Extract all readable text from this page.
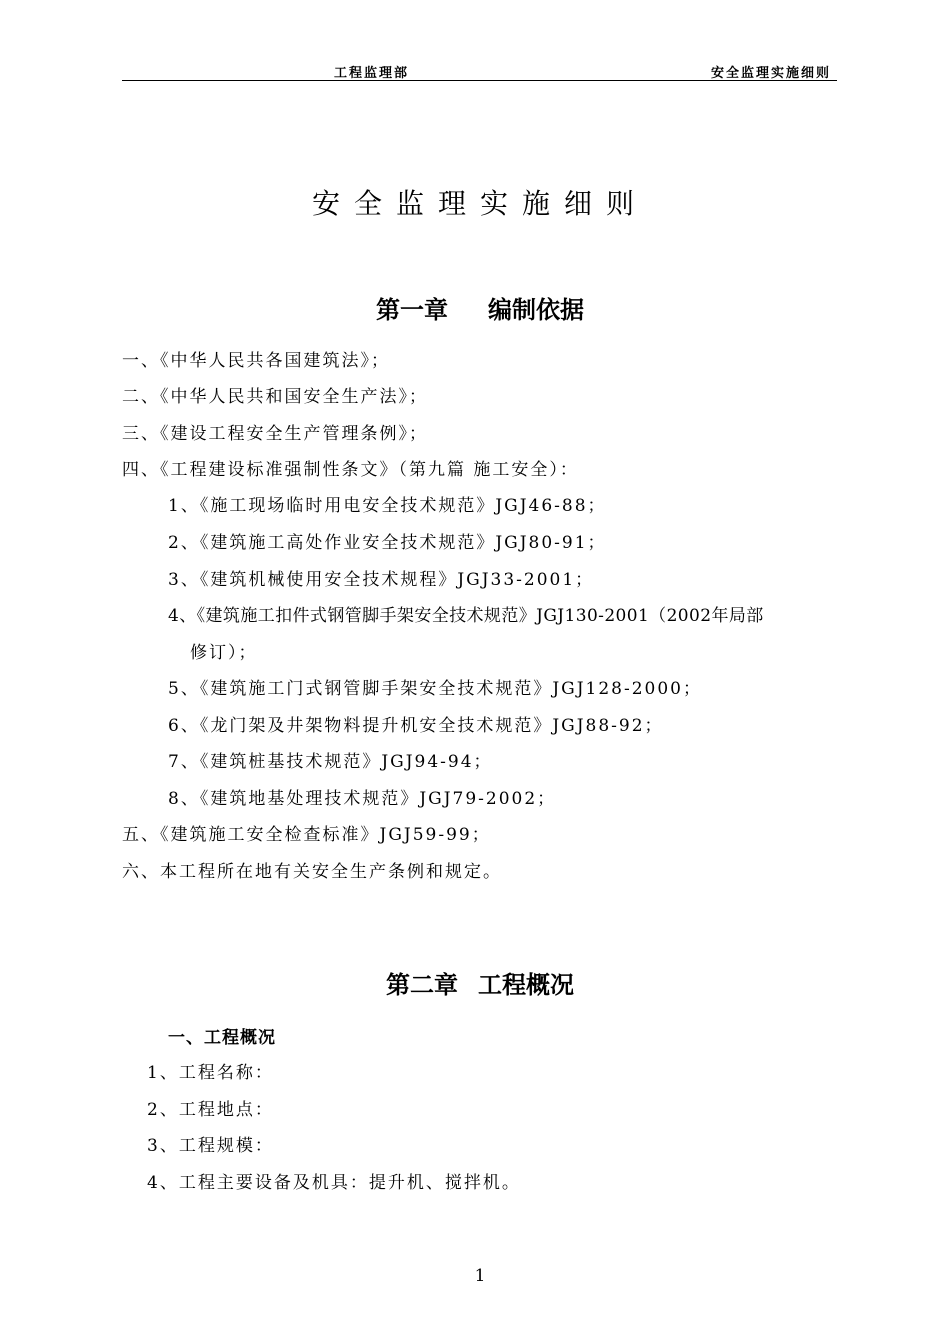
工程监理部	安全监理实施细则
安全监理实施细则
第一章 编制依据
一、《中华人民共各国建筑法》；
二、《中华人民共和国安全生产法》；
三、《建设工程安全生产管理条例》；
四、《工程建设标准强制性条文》（第九篇 施工安全）：
1、《施工现场临时用电安全技术规范》JGJ46-88；
2、《建筑施工高处作业安全技术规范》JGJ80-91；
3、《建筑机械使用安全技术规程》JGJ33-2001；
4、《建筑施工扣件式钢管脚手架安全技术规范》JGJ130-2001（2002年局部
修订）；
5、《建筑施工门式钢管脚手架安全技术规范》JGJ128-2000；
6、《龙门架及井架物料提升机安全技术规范》JGJ88-92；
7、《建筑桩基技术规范》JGJ94-94；
8、《建筑地基处理技术规范》JGJ79-2002；
五、《建筑施工安全检查标准》JGJ59-99；
六、本工程所在地有关安全生产条例和规定。
第二章 工程概况
一、工程概况
1、工程名称：
2、工程地点：
3、工程规模：
4、工程主要设备及机具：提升机、搅拌机。
1
